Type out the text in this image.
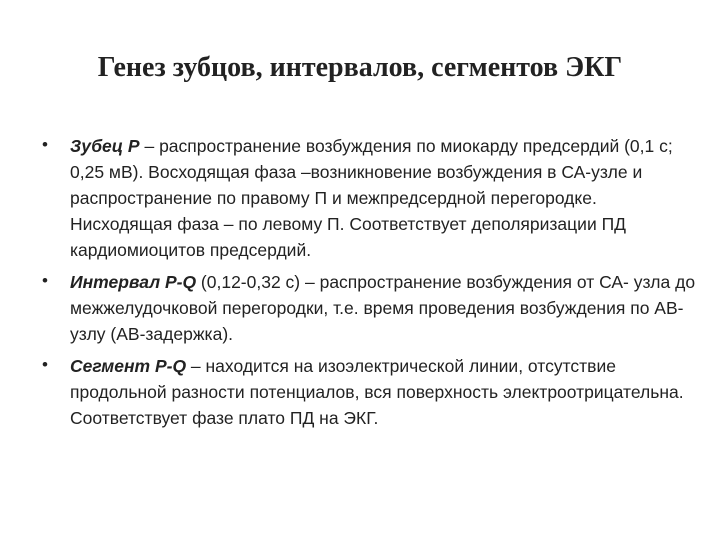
Генез зубцов, интервалов, сегментов ЭКГ
• Зубец P – распространение возбуждения по миокарду предсердий (0,1 с; 0,25 мВ). Восходящая фаза –возникновение возбуждения в СА-узле и распространение по правому П и межпредсердной перегородке. Нисходящая фаза – по левому П. Соответствует деполяризации ПД кардиомиоцитов предсердий.
• Интервал P-Q (0,12-0,32 с) – распространение возбуждения от СА- узла до межжелудочковой перегородки, т.е. время проведения возбуждения по АВ-узлу (АВ-задержка).
• Сегмент P-Q – находится на изоэлектрической линии, отсутствие продольной разности потенциалов, вся поверхность электроотрицательна. Соответствует фазе плато ПД на ЭКГ.
